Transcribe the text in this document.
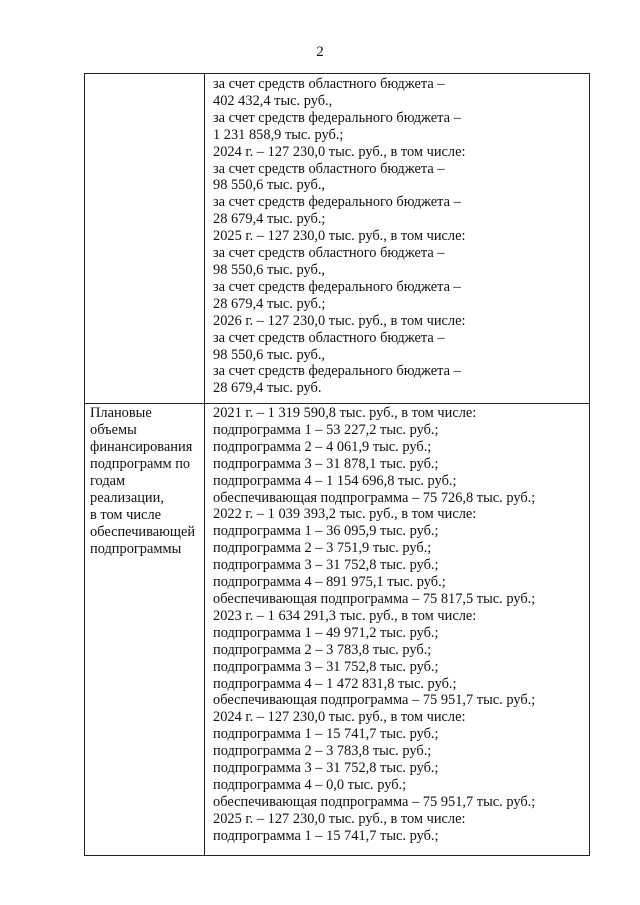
2
за счет средств областного бюджета –
402 432,4 тыс. руб.,
за счет средств федерального бюджета –
1 231 858,9 тыс. руб.;
2024 г. – 127 230,0 тыс. руб., в том числе:
за счет средств областного бюджета –
98 550,6 тыс. руб.,
за счет средств федерального бюджета –
28 679,4 тыс. руб.;
2025 г. – 127 230,0 тыс. руб., в том числе:
за счет средств областного бюджета –
98 550,6 тыс. руб.,
за счет средств федерального бюджета –
28 679,4 тыс. руб.;
2026 г. – 127 230,0 тыс. руб., в том числе:
за счет средств областного бюджета –
98 550,6 тыс. руб.,
за счет средств федерального бюджета –
28 679,4 тыс. руб.
Плановые
объемы
финансирования
подпрограмм по
годам
реализации,
в том числе
обеспечивающей
подпрограммы
2021 г. – 1 319 590,8 тыс. руб., в том числе:
подпрограмма 1 – 53 227,2 тыс. руб.;
подпрограмма 2 – 4 061,9 тыс. руб.;
подпрограмма 3 – 31 878,1 тыс. руб.;
подпрограмма 4 – 1 154 696,8 тыс. руб.;
обеспечивающая подпрограмма – 75 726,8 тыс. руб.;
2022 г. – 1 039 393,2 тыс. руб., в том числе:
подпрограмма 1 – 36 095,9 тыс. руб.;
подпрограмма 2 – 3 751,9 тыс. руб.;
подпрограмма 3 – 31 752,8 тыс. руб.;
подпрограмма 4 – 891 975,1 тыс. руб.;
обеспечивающая подпрограмма – 75 817,5 тыс. руб.;
2023 г. – 1 634 291,3 тыс. руб., в том числе:
подпрограмма 1 – 49 971,2 тыс. руб.;
подпрограмма 2 – 3 783,8 тыс. руб.;
подпрограмма 3 – 31 752,8 тыс. руб.;
подпрограмма 4 – 1 472 831,8 тыс. руб.;
обеспечивающая подпрограмма – 75 951,7 тыс. руб.;
2024 г. – 127 230,0 тыс. руб., в том числе:
подпрограмма 1 – 15 741,7 тыс. руб.;
подпрограмма 2 – 3 783,8 тыс. руб.;
подпрограмма 3 – 31 752,8 тыс. руб.;
подпрограмма 4 – 0,0 тыс. руб.;
обеспечивающая подпрограмма – 75 951,7 тыс. руб.;
2025 г. – 127 230,0 тыс. руб., в том числе:
подпрограмма 1 – 15 741,7 тыс. руб.;
